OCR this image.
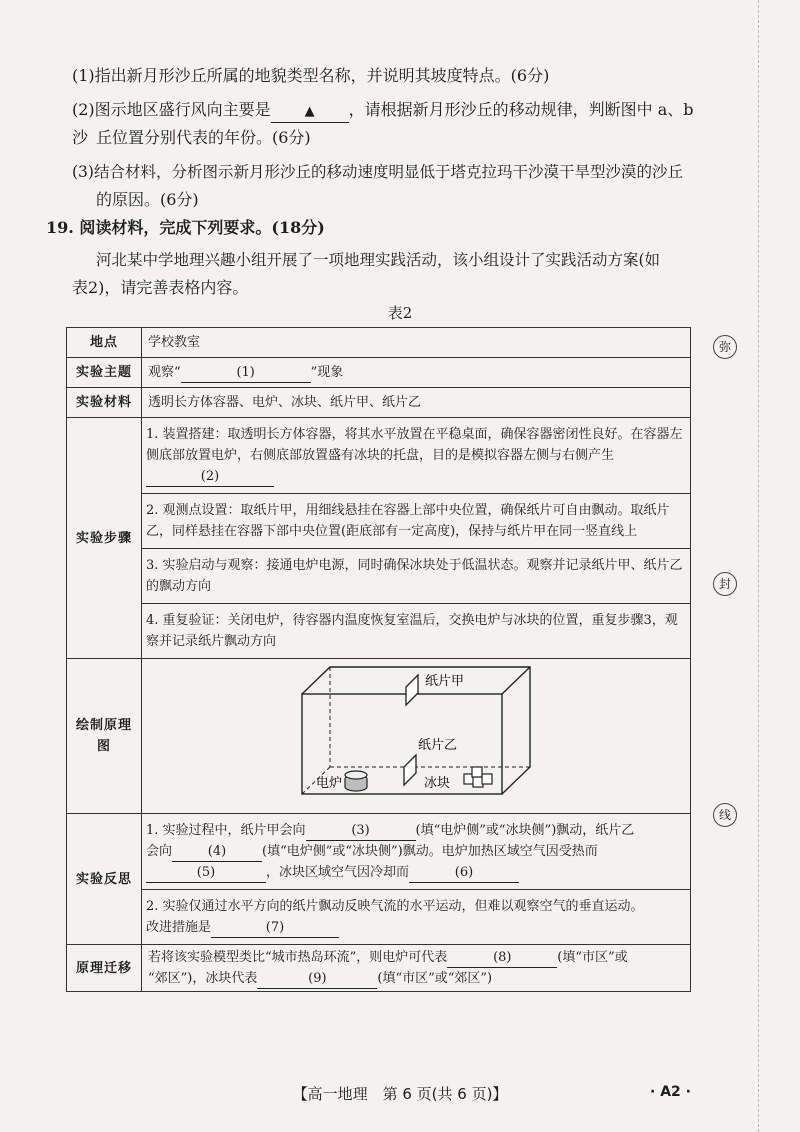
弥
封
线
(1)指出新月形沙丘所属的地貌类型名称，并说明其坡度特点。(6分)
(2)图示地区盛行风向主要是	▲ ，请根据新月形沙丘的移动规律，判断图中 a、b 沙 丘位置分别代表的年份。(6分)
(3)结合材料，分析图示新月形沙丘的移动速度明显低于塔克拉玛干沙漠干旱型沙漠的沙丘
的原因。(6分)
19. 阅读材料，完成下列要求。(18分)
河北某中学地理兴趣小组开展了一项地理实践活动，该小组设计了实践活动方案(如
表2)，请完善表格内容。
表2
地点	学校教室
实验主题	观察“ (1) ”现象
实验材料	透明长方体容器、电炉、冰块、纸片甲、纸片乙
实验步骤	1. 装置搭建：取透明长方体容器，将其水平放置在平稳桌面，确保容器密闭性良好。在容器左侧底部放置电炉，右侧底部放置盛有冰块的托盘，目的是模拟容器左侧与右侧产生
(2)
2. 观测点设置：取纸片甲，用细线悬挂在容器上部中央位置，确保纸片可自由飘动。取纸片乙，同样悬挂在容器下部中央位置(距底部有一定高度)，保持与纸片甲在同一竖直线上
3. 实验启动与观察：接通电炉电源，同时确保冰块处于低温状态。观察并记录纸片甲、纸片乙的飘动方向
4. 重复验证：关闭电炉，待容器内温度恢复室温后，交换电炉与冰块的位置，重复步骤3，观察并记录纸片飘动方向

绘制原理图	纸片甲
纸片乙
电炉 冰块

实验反思	1. 实验过程中，纸片甲会向 (3) (填“电炉侧”或“冰块侧”)飘动，纸片乙
会向 (4) (填“电炉侧”或“冰块侧”)飘动。电炉加热区域空气因受热而
(5) ，冰块区域空气因冷却而 (6)
2. 实验仅通过水平方向的纸片飘动反映气流的水平运动，但难以观察空气的垂直运动。
改进措施是 (7)

原理迁移	若将该实验模型类比“城市热岛环流”，则电炉可代表 (8) (填“市区”或
“郊区”)，冰块代表 (9) (填“市区”或“郊区”)
【高一地理　第 6 页(共 6 页)】	· A2 ·
